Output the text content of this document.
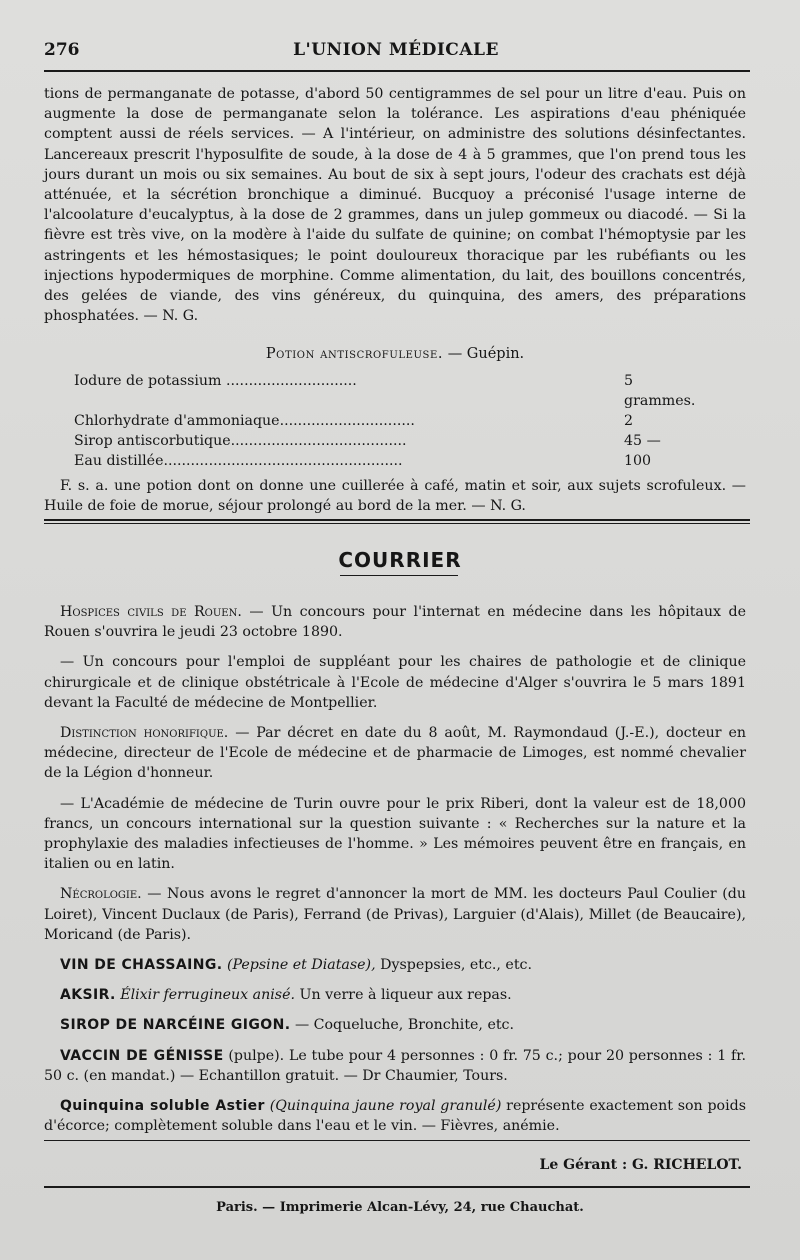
276	L'UNION MÉDICALE

tions de permanganate de potasse, d'abord 50 centigrammes de sel pour un litre d'eau. Puis on augmente la dose de permanganate selon la tolérance. Les aspirations d'eau phéniquée comptent aussi de réels services. — A l'intérieur, on administre des solutions désinfectantes. Lancereaux prescrit l'hyposulfite de soude, à la dose de 4 à 5 grammes, que l'on prend tous les jours durant un mois ou six semaines. Au bout de six à sept jours, l'odeur des crachats est déjà atténuée, et la sécrétion bronchique a diminué. Bucquoy a préconisé l'usage interne de l'alcoolature d'eucalyptus, à la dose de 2 grammes, dans un julep gommeux ou diacodé. — Si la fièvre est très vive, on la modère à l'aide du sulfate de quinine; on combat l'hémoptysie par les astringents et les hémostasiques; le point douloureux thoracique par les rubéfiants ou les injections hypodermiques de morphine. Comme alimentation, du lait, des bouillons concentrés, des gelées de viande, des vins généreux, du quinquina, des amers, des préparations phosphatées. — N. G.

Potion antiscrofuleuse. — Guépin.
Iodure de potassium .............................	5 grammes.
Chlorhydrate d'ammoniaque..............................	2
Sirop antiscorbutique.......................................	45 —
Eau distillée.....................................................	100

F. s. a. une potion dont on donne une cuillerée à café, matin et soir, aux sujets scrofuleux. — Huile de foie de morue, séjour prolongé au bord de la mer. — N. G.

COURRIER

Hospices civils de Rouen. — Un concours pour l'internat en médecine dans les hôpitaux de Rouen s'ouvrira le jeudi 23 octobre 1890.

— Un concours pour l'emploi de suppléant pour les chaires de pathologie et de clinique chirurgicale et de clinique obstétricale à l'Ecole de médecine d'Alger s'ouvrira le 5 mars 1891 devant la Faculté de médecine de Montpellier.

Distinction honorifique. — Par décret en date du 8 août, M. Raymondaud (J.-E.), docteur en médecine, directeur de l'Ecole de médecine et de pharmacie de Limoges, est nommé chevalier de la Légion d'honneur.

— L'Académie de médecine de Turin ouvre pour le prix Riberi, dont la valeur est de 18,000 francs, un concours international sur la question suivante : « Recherches sur la nature et la prophylaxie des maladies infectieuses de l'homme. » Les mémoires peuvent être en français, en italien ou en latin.

Nécrologie. — Nous avons le regret d'annoncer la mort de MM. les docteurs Paul Coulier (du Loiret), Vincent Duclaux (de Paris), Ferrand (de Privas), Larguier (d'Alais), Millet (de Beaucaire), Moricand (de Paris).

VIN DE CHASSAING. (Pepsine et Diatase), Dyspepsies, etc., etc.

AKSIR. Élixir ferrugineux anisé. Un verre à liqueur aux repas.

SIROP DE NARCÉINE GIGON. — Coqueluche, Bronchite, etc.

VACCIN DE GÉNISSE (pulpe). Le tube pour 4 personnes : 0 fr. 75 c.; pour 20 personnes : 1 fr. 50 c. (en mandat.) — Echantillon gratuit. — Dr Chaumier, Tours.

Quinquina soluble Astier (Quinquina jaune royal granulé) représente exactement son poids d'écorce; complètement soluble dans l'eau et le vin. — Fièvres, anémie.

Le Gérant : G. RICHELOT.
Paris. — Imprimerie Alcan-Lévy, 24, rue Chauchat.
